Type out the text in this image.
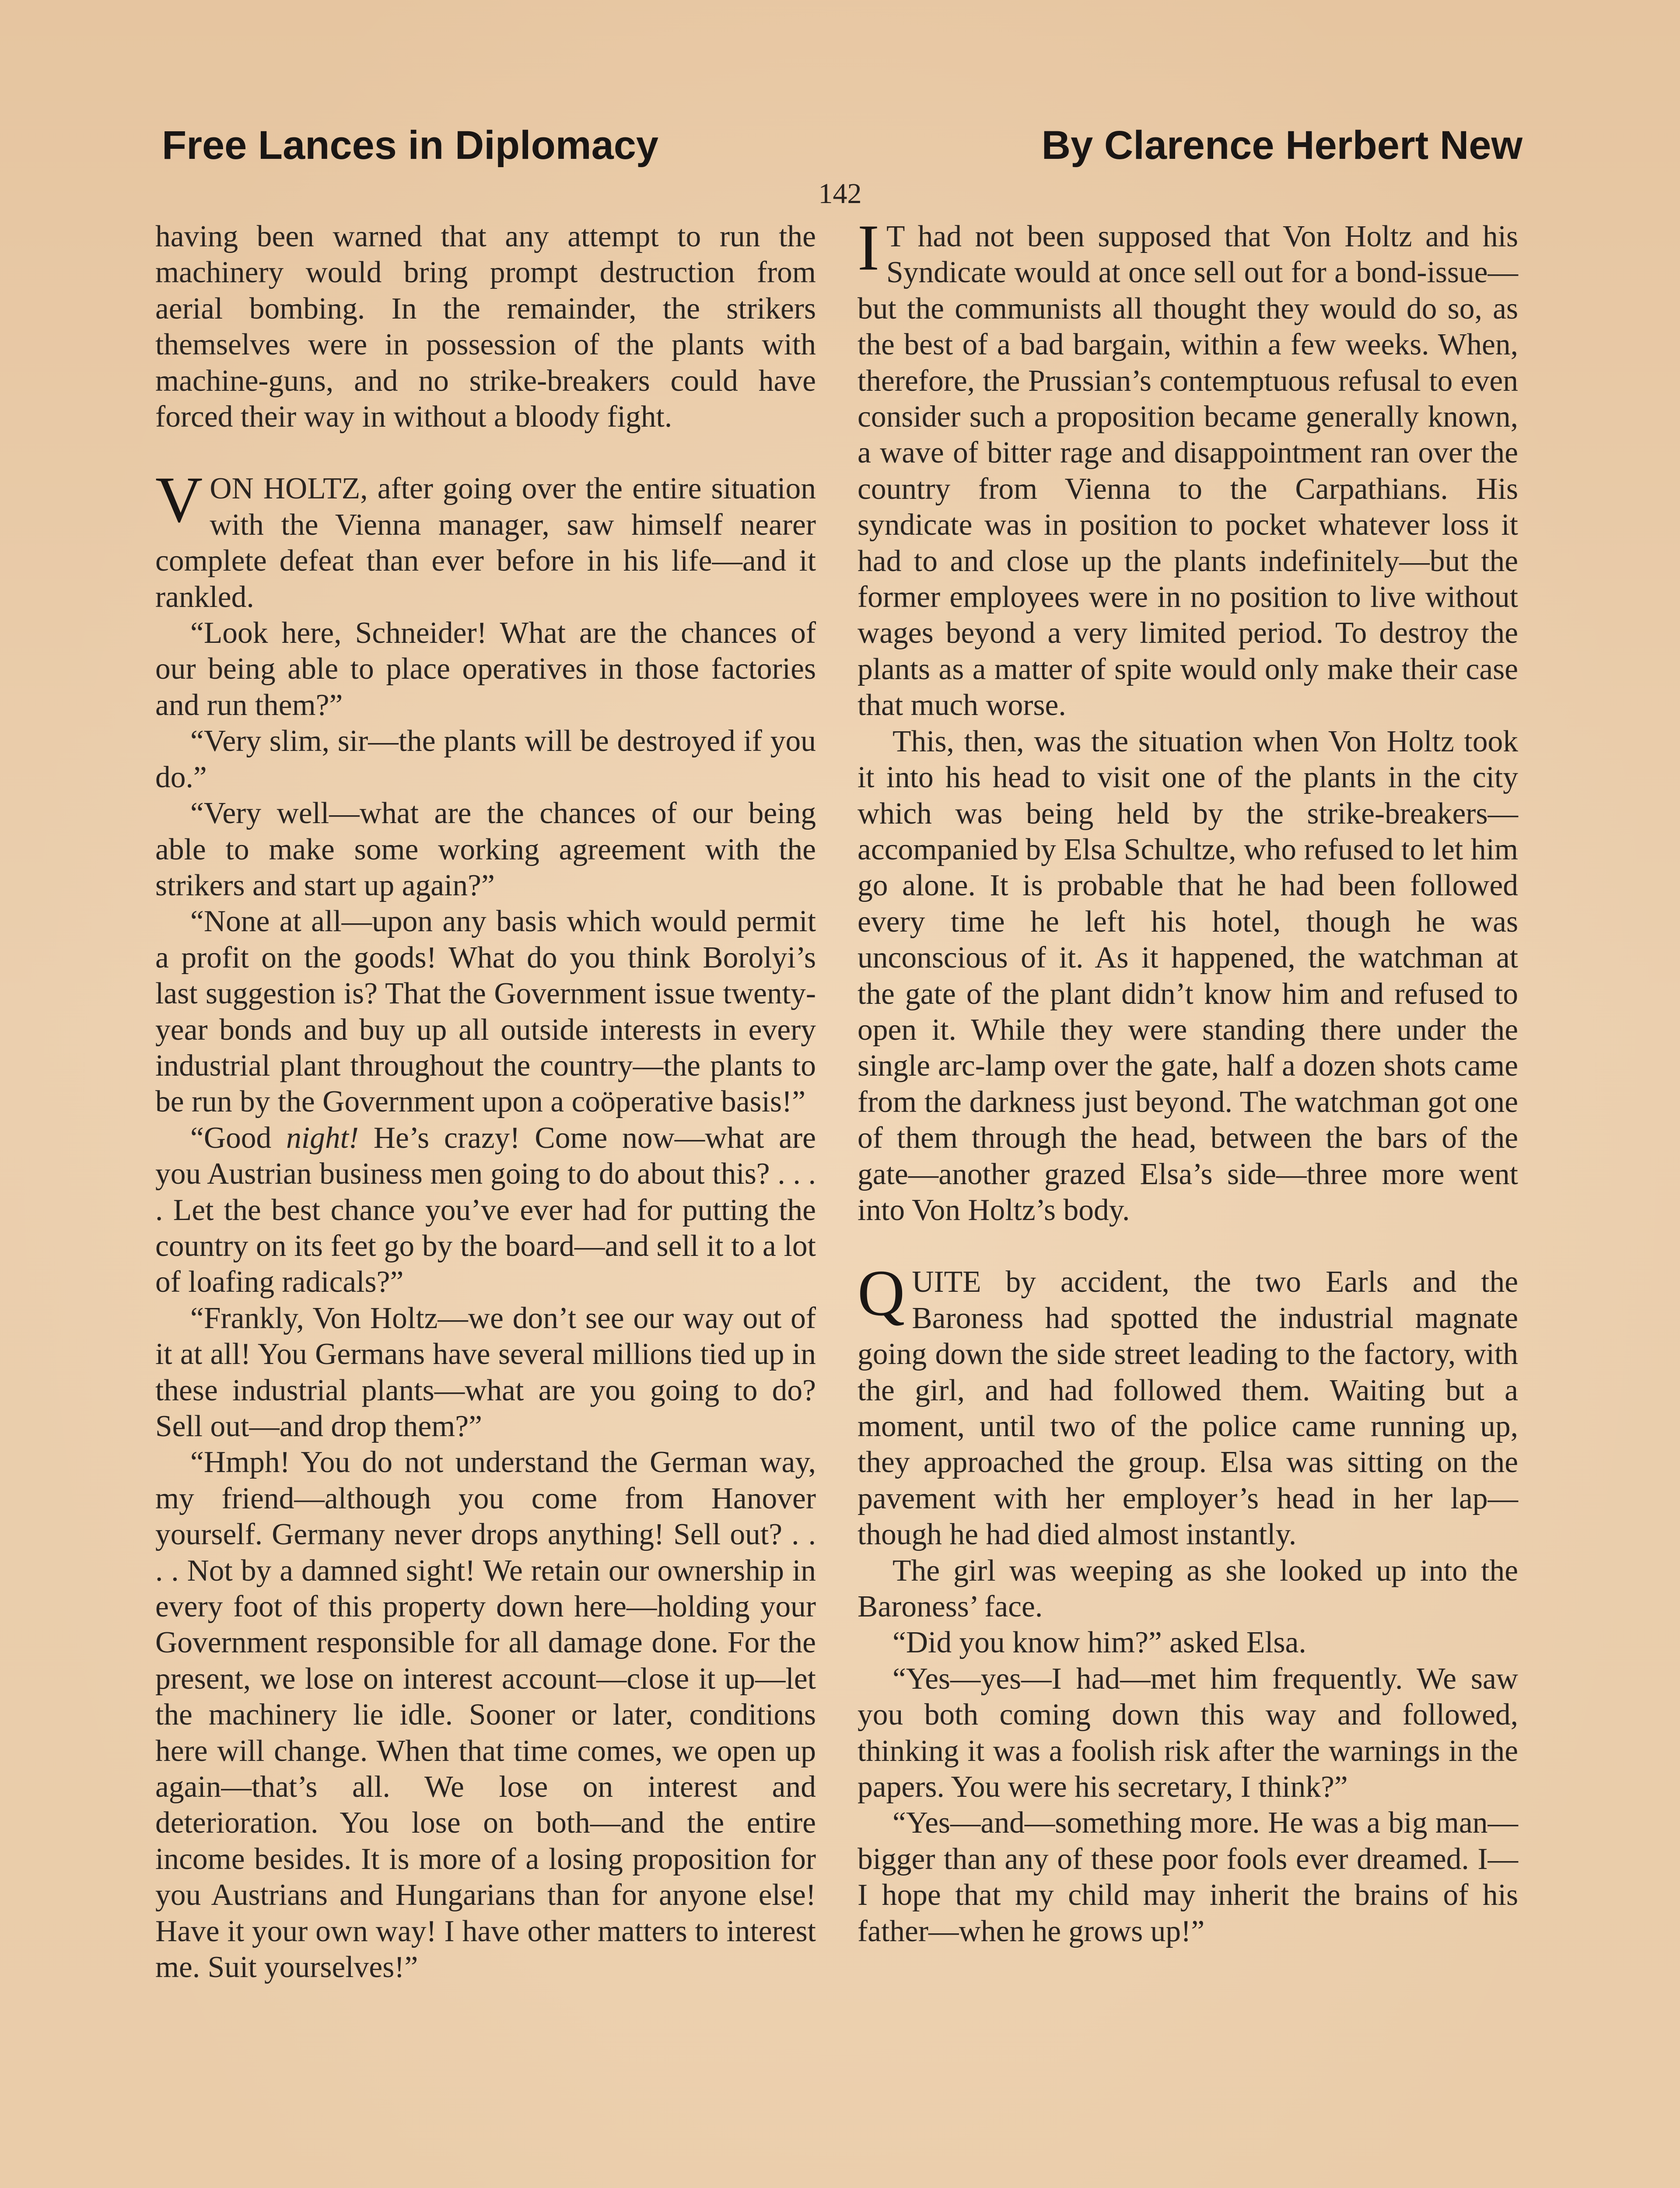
Free Lances in Diplomacy	By Clarence Herbert New
142

having been warned that any attempt to run the machinery would bring prompt destruction from aerial bombing. In the remainder, the strikers themselves were in possession of the plants with machine-guns, and no strike-breakers could have forced their way in without a bloody fight.

VON HOLTZ, after going over the entire situation with the Vienna manager, saw himself nearer complete defeat than ever before in his life—and it rankled.

“Look here, Schneider! What are the chances of our being able to place operatives in those factories and run them?”

“Very slim, sir—the plants will be destroyed if you do.”

“Very well—what are the chances of our being able to make some working agreement with the strikers and start up again?”

“None at all—upon any basis which would permit a profit on the goods! What do you think Borolyi’s last suggestion is? That the Government issue twenty-year bonds and buy up all outside interests in every industrial plant throughout the country—the plants to be run by the Government upon a coöperative basis!”

“Good night! He’s crazy! Come now—what are you Austrian business men going to do about this? . . . . Let the best chance you’ve ever had for putting the country on its feet go by the board—and sell it to a lot of loafing radicals?”

“Frankly, Von Holtz—we don’t see our way out of it at all! You Germans have several millions tied up in these industrial plants—what are you going to do? Sell out—and drop them?”

“Hmph! You do not understand the German way, my friend—although you come from Hanover yourself. Germany never drops anything! Sell out? . . . . Not by a damned sight! We retain our ownership in every foot of this property down here—holding your Government responsible for all damage done. For the present, we lose on interest account—close it up—let the machinery lie idle. Sooner or later, conditions here will change. When that time comes, we open up again—that’s all. We lose on interest and deterioration. You lose on both—and the entire income besides. It is more of a losing proposition for you Austrians and Hungarians than for anyone else! Have it your own way! I have other matters to interest me. Suit yourselves!”

I T had not been supposed that Von Holtz and his Syndicate would at once sell out for a bond-issue—but the communists all thought they would do so, as the best of a bad bargain, within a few weeks. When, therefore, the Prussian’s contemptuous refusal to even consider such a proposition became generally known, a wave of bitter rage and disappointment ran over the country from Vienna to the Carpathians. His syndicate was in position to pocket whatever loss it had to and close up the plants indefinitely—but the former employees were in no position to live without wages beyond a very limited period. To destroy the plants as a matter of spite would only make their case that much worse.

This, then, was the situation when Von Holtz took it into his head to visit one of the plants in the city which was being held by the strike-breakers—accompanied by Elsa Schultze, who refused to let him go alone. It is probable that he had been followed every time he left his hotel, though he was unconscious of it. As it happened, the watchman at the gate of the plant didn’t know him and refused to open it. While they were standing there under the single arc-lamp over the gate, half a dozen shots came from the darkness just beyond. The watchman got one of them through the head, between the bars of the gate—another grazed Elsa’s side—three more went into Von Holtz’s body.

QUITE by accident, the two Earls and the Baroness had spotted the industrial magnate going down the side street leading to the factory, with the girl, and had followed them. Waiting but a moment, until two of the police came running up, they approached the group. Elsa was sitting on the pavement with her employer’s head in her lap—though he had died almost instantly.

The girl was weeping as she looked up into the Baroness’ face.

“Did you know him?” asked Elsa.

“Yes—yes—I had—met him frequently. We saw you both coming down this way and followed, thinking it was a foolish risk after the warnings in the papers. You were his secretary, I think?”

“Yes—and—something more. He was a big man—bigger than any of these poor fools ever dreamed. I—I hope that my child may inherit the brains of his father—when he grows up!”
